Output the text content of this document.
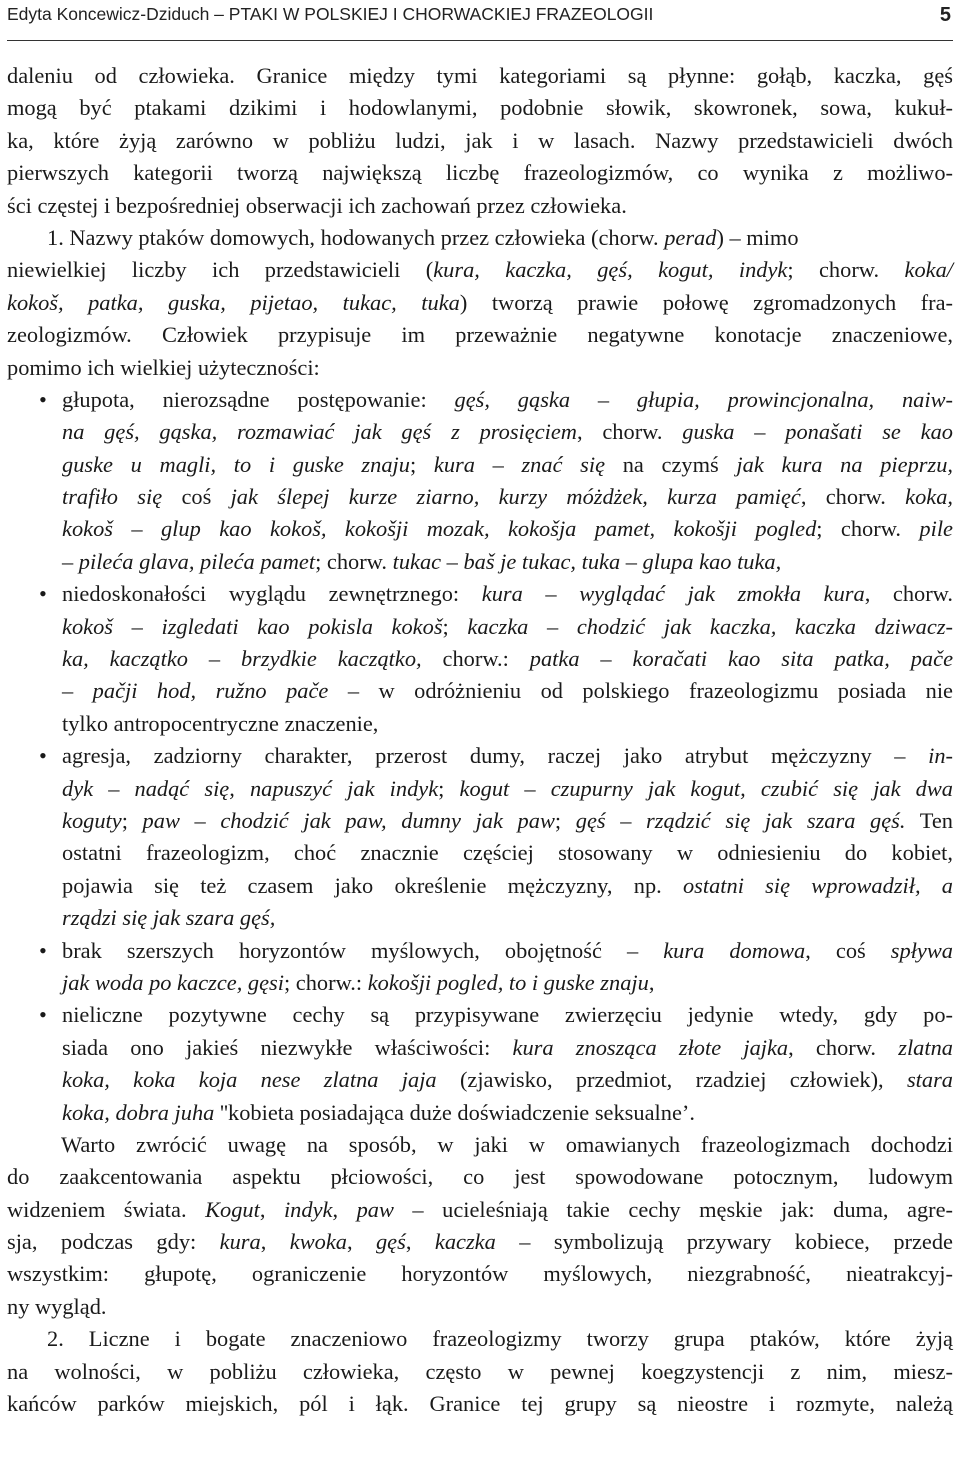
Edyta Koncewicz-Dziduch – PTAKI W POLSKIEJ I CHORWACKIEJ FRAZEOLOGII	5
daleniu od człowieka. Granice między tymi kategoriami są płynne: gołąb, kaczka, gęś
mogą być ptakami dzikimi i hodowlanymi, podobnie słowik, skowronek, sowa, kukuł-
ka, które żyją zarówno w pobliżu ludzi, jak i w lasach. Nazwy przedstawicieli dwóch
pierwszych kategorii tworzą największą liczbę frazeologizmów, co wynika z możliwo-
ści częstej i bezpośredniej obserwacji ich zachowań przez człowieka.
1. Nazwy ptaków domowych, hodowanych przez człowieka (chorw. perad) – mimo
niewielkiej liczby ich przedstawicieli (kura, kaczka, gęś, kogut, indyk; chorw. koka/
kokoš, patka, guska, pijetao, tukac, tuka) tworzą prawie połowę zgromadzonych fra-
zeologizmów. Człowiek przypisuje im przeważnie negatywne konotacje znaczeniowe,
pomimo ich wielkiej użyteczności:
• głupota, nierozsądne postępowanie: gęś, gąska – głupia, prowincjonalna, naiw-
na gęś, gąska, rozmawiać jak gęś z prosięciem, chorw. guska – ponašati se kao
guske u magli, to i guske znaju; kura – znać się na czymś jak kura na pieprzu,
trafiło się coś jak ślepej kurze ziarno, kurzy móżdżek, kurza pamięć, chorw. koka,
kokoš – glup kao kokoš, kokošji mozak, kokošja pamet, kokošji pogled; chorw. pile
– pileća glava, pileća pamet; chorw. tukac – baš je tukac, tuka – glupa kao tuka,
• niedoskonałości wyglądu zewnętrznego: kura – wyglądać jak zmokła kura, chorw.
kokoš – izgledati kao pokisla kokoš; kaczka – chodzić jak kaczka, kaczka dziwacz-
ka, kaczątko – brzydkie kaczątko, chorw.: patka – koračati kao sita patka, pače
– pačji hod, ružno pače – w odróżnieniu od polskiego frazeologizmu posiada nie
tylko antropocentryczne znaczenie,
• agresja, zadziorny charakter, przerost dumy, raczej jako atrybut mężczyzny – in-
dyk – nadąć się, napuszyć jak indyk; kogut – czupurny jak kogut, czubić się jak dwa
koguty; paw – chodzić jak paw, dumny jak paw; gęś – rządzić się jak szara gęś. Ten
ostatni frazeologizm, choć znacznie częściej stosowany w odniesieniu do kobiet,
pojawia się też czasem jako określenie mężczyzny, np. ostatni się wprowadził, a
rządzi się jak szara gęś,
• brak szerszych horyzontów myślowych, obojętność – kura domowa, coś spływa
jak woda po kaczce, gęsi; chorw.: kokošji pogled, to i guske znaju,
• nieliczne pozytywne cechy są przypisywane zwierzęciu jedynie wtedy, gdy po-
siada ono jakieś niezwykłe właściwości: kura znosząca złote jajka, chorw. zlatna
koka, koka koja nese zlatna jaja (zjawisko, przedmiot, rzadziej człowiek), stara
koka, dobra juha ''kobieta posiadająca duże doświadczenie seksualne’.
Warto zwrócić uwagę na sposób, w jaki w omawianych frazeologizmach dochodzi
do zaakcentowania aspektu płciowości, co jest spowodowane potocznym, ludowym
widzeniem świata. Kogut, indyk, paw – ucieleśniają takie cechy męskie jak: duma, agre-
sja, podczas gdy: kura, kwoka, gęś, kaczka – symbolizują przywary kobiece, przede
wszystkim: głupotę, ograniczenie horyzontów myślowych, niezgrabność, nieatrakcyj-
ny wygląd.
2. Liczne i bogate znaczeniowo frazeologizmy tworzy grupa ptaków, które żyją
na wolności, w pobliżu człowieka, często w pewnej koegzystencji z nim, miesz-
kańców parków miejskich, pól i łąk. Granice tej grupy są nieostre i rozmyte, należą
